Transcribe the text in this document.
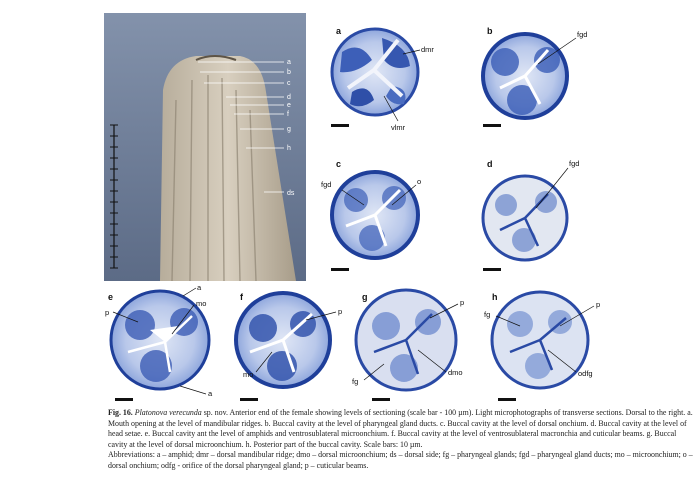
a
b
c
d
e
f
g
h
ds
a
dmr
vlmr
b	fgd
c
fgd	o
d	fgd
e
a
p
mo
a
f
p
mo
g
p
fg
dmo
h
p
fg
odfg

Fig. 16. Platonova verecunda sp. nov. Anterior end of the female showing levels of sectioning (scale bar - 100 µm). Light microphotographs of transverse sections. Dorsal to the right. a. Mouth opening at the level of mandibular ridges. b. Buccal cavity at the level of pharyngeal gland ducts. c. Buccal cavity at the level of dorsal onchium. d. Buccal cavity at the level of head setae. e. Buccal cavity ant the level of amphids and ventrosublateral microonchium. f. Buccal cavity at the level of ventrosublateral macronchia and cuticular beams. g. Buccal cavity at the level of dorsal microonchium. h. Posterior part of the buccal cavity. Scale bars: 10 µm.

Abbreviations: a – amphid; dmr – dorsal mandibular ridge; dmo – dorsal microonchium; ds – dorsal side; fg – pharyngeal glands; fgd – pharyngeal gland ducts; mo – microonchium; o – dorsal onchium; odfg - orifice of the dorsal pharyngeal gland; p – cuticular beams.
